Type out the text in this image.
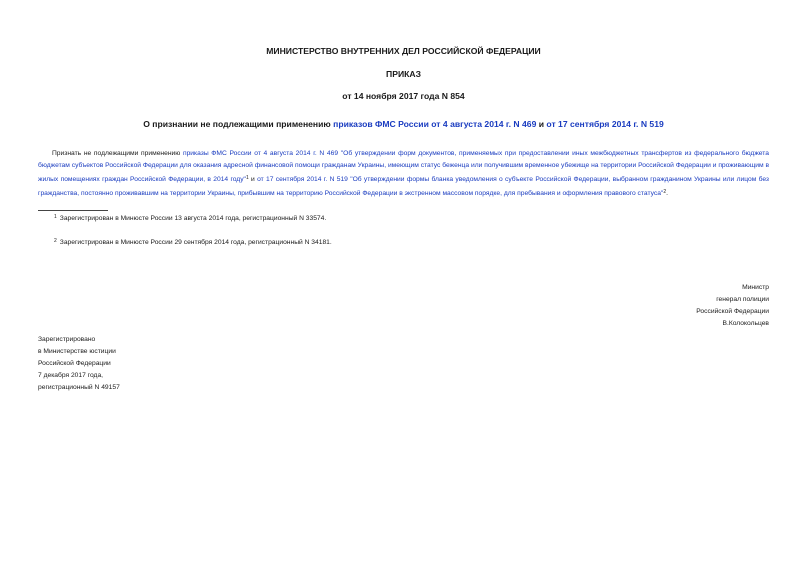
МИНИСТЕРСТВО ВНУТРЕННИХ ДЕЛ РОССИЙСКОЙ ФЕДЕРАЦИИ
ПРИКАЗ
от 14 ноября 2017 года N 854
О признании не подлежащими применению приказов ФМС России от 4 августа 2014 г. N 469 и от 17 сентября 2014 г. N 519
Признать не подлежащими применению приказы ФМС России от 4 августа 2014 г. N 469 "Об утверждении форм документов, применяемых при предоставлении иных межбюджетных трансфертов из федерального бюджета бюджетам субъектов Российской Федерации для оказания адресной финансовой помощи гражданам Украины, имеющим статус беженца или получившим временное убежище на территории Российской Федерации и проживающим в жилых помещениях граждан Российской Федерации, в 2014 году"$^1$ и от 17 сентября 2014 г. N 519 "Об утверждении формы бланка уведомления о субъекте Российской Федерации, выбранном гражданином Украины или лицом без гражданства, постоянно проживавшим на территории Украины, прибывшим на территорию Российской Федерации в экстренном массовом порядке, для пребывания и оформления правового статуса"$^2$.
$^1$ Зарегистрирован в Минюсте России 13 августа 2014 года, регистрационный N 33574.
$^2$ Зарегистрирован в Минюсте России 29 сентября 2014 года, регистрационный N 34181.
Министр
генерал полиции
Российской Федерации
В.Колокольцев
Зарегистрировано
в Министерстве юстиции
Российской Федерации
7 декабря 2017 года,
регистрационный N 49157
